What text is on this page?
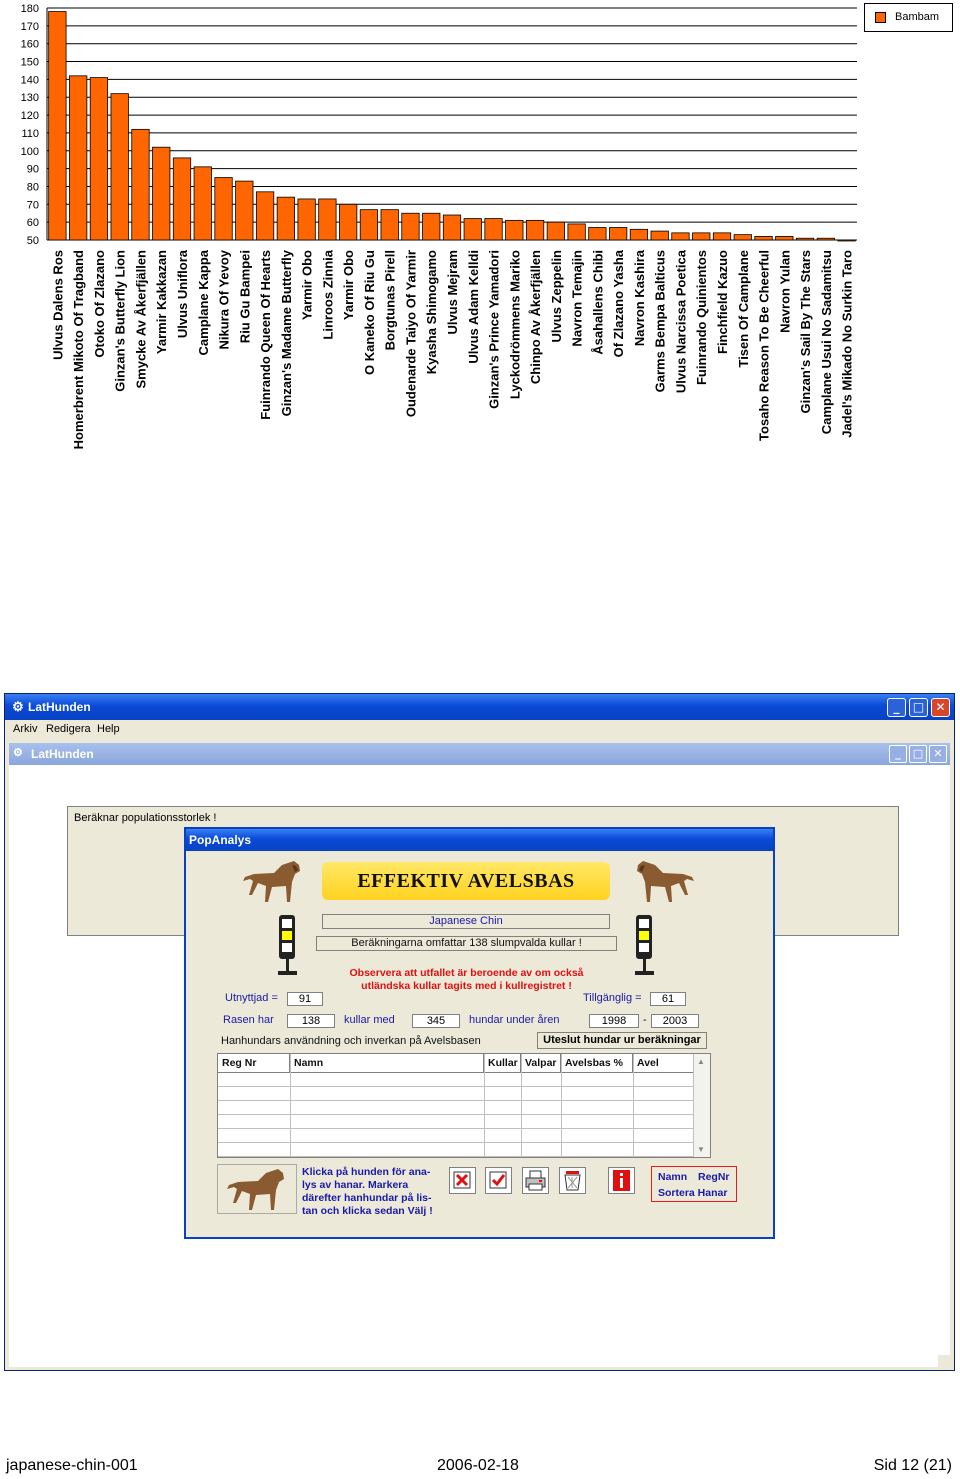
50
60
70
80
90
100
110
120
130
140
150
160
170
180
Ulvus Dalens Ros Homerbrent Mikoto Of Tragband Otoko Of Zlazano Ginzan's Butterfly Lion Smycke Av Åkerfjällen Yarmir Kakkazan Ulvus Uniflora Camplane Kappa Nikura Of Yevoy Riu Gu Bampei Fuinrando Queen Of Hearts Ginzan's Madame Butterfly Yarmir Obo Linroos Zinnia Yarmir Obo O Kaneko Of Riu Gu Borgtunas Pirell Oudenarde Taiyo Of Yarmir Kyasha Shimogamo Ulvus Mejram Ulvus Adam Kelldi Ginzan's Prince Yamadori Lyckodrömmens Mariko Chinpo Av Åkerfjällen Ulvus Zeppelin Navron Temajin Åsahallens Chibi Of Zlazano Yasha Navron Kashira Garms Bempa Balticus Ulvus Narcissa Poetica Fuinrando Quinientos Finchfield Kazuo Tisen Of Camplane Tosaho Reason To Be Cheerful Navron Yulan Ginzan's Sail By The Stars Camplane Usui No Sadamitsu Jadel's Mikado No Surkin Taro
Bambam
⚙ LatHunden	_	□ ✕
Arkiv Redigera Help
⚙ LatHunden	_	□ ✕
Beräknar populationsstorlek !
PopAnalys
EFFEKTIV AVELSBAS
Japanese Chin
Beräkningarna omfattar 138 slumpvalda kullar !
Observera att utfallet är beroende av om också
utländska kullar tagits med i kullregistret !
Utnyttjad =	91	Tillgänglig =	61
Rasen har	138	kullar med	345	hundar under åren	1998	-	2003
Hanhundars användning och inverkan på Avelsbasen	Uteslut hundar ur beräkningar
Reg Nr	Namn	Kullar Valpar Avelsbas %	Avel	▲
▼
Klicka på hunden för ana-
lys av hanar. Markera
därefter hanhundar på lis-
tan och klicka sedan Välj !
Namn RegNr
Sortera Hanar
japanese-chin-001	2006-02-18	Sid 12 (21)
